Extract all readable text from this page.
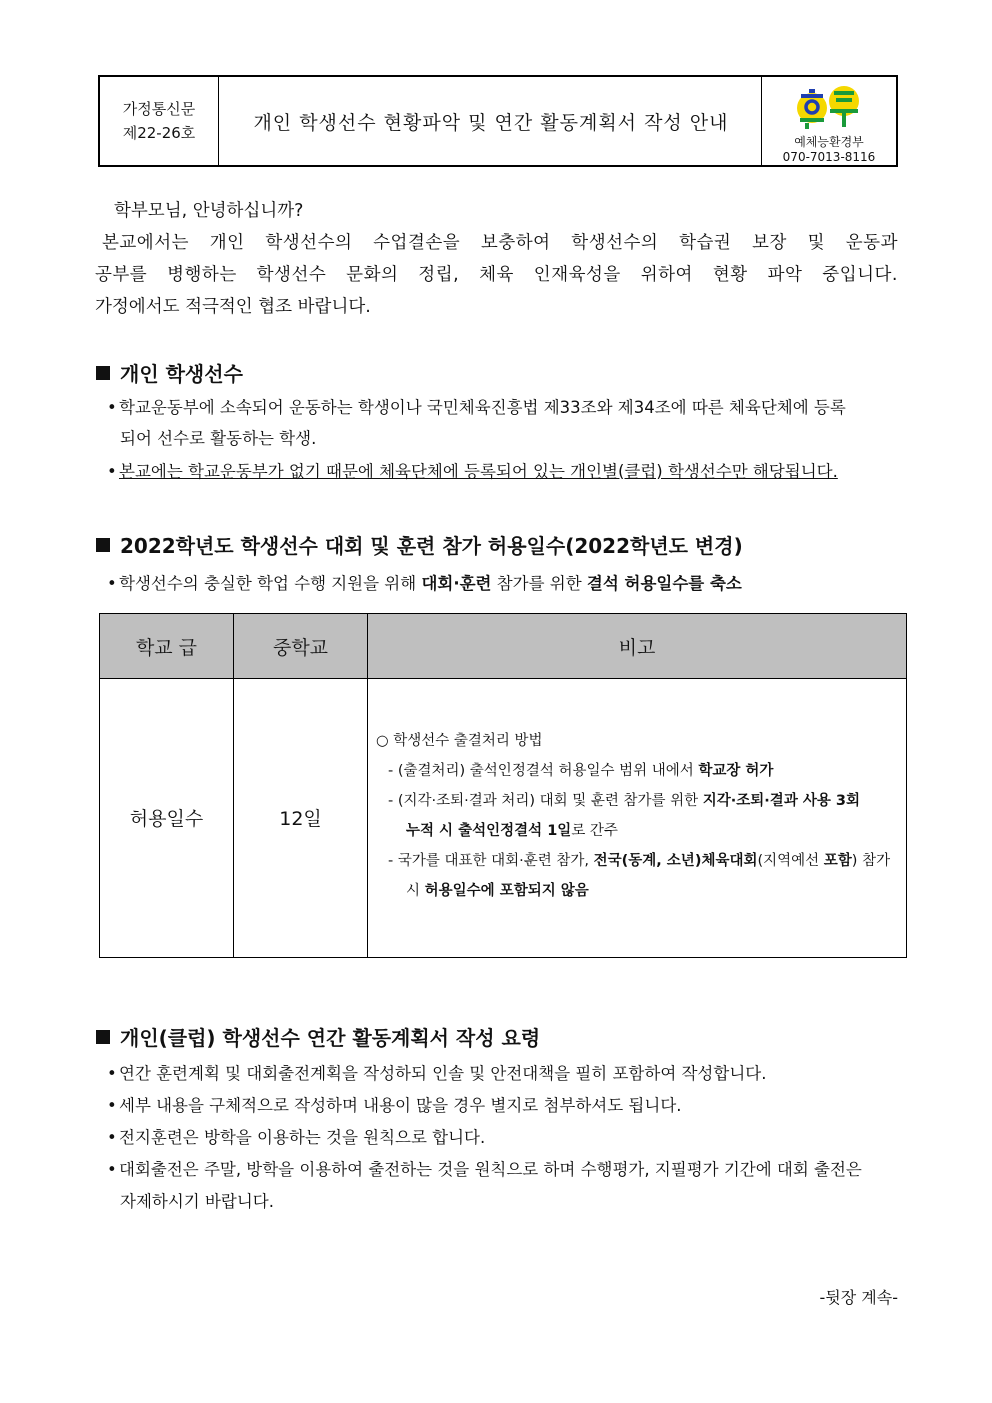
가정통신문
제22-26호	개인 학생선수 현황파악 및 연간 활동계획서 작성 안내
예체능환경부
070-7013-8116
학부모님, 안녕하십니까?
본교에서는 개인 학생선수의 수업결손을 보충하여 학생선수의 학습권 보장 및 운동과
공부를 병행하는 학생선수 문화의 정립, 체육 인재육성을 위하여 현황 파악 중입니다.
가정에서도 적극적인 협조 바랍니다.
개인 학생선수
• 학교운동부에 소속되어 운동하는 학생이나 국민체육진흥법 제33조와 제34조에 따른 체육단체에 등록
되어 선수로 활동하는 학생.
• 본교에는 학교운동부가 없기 때문에 체육단체에 등록되어 있는 개인별(클럽) 학생선수만 해당됩니다.
2022학년도 학생선수 대회 및 훈련 참가 허용일수(2022학년도 변경)
• 학생선수의 충실한 학업 수행 지원을 위해 대회·훈련 참가를 위한 결석 허용일수를 축소
학교 급	중학교	비고
허용일수	12일
○ 학생선수 출결처리 방법
- (출결처리) 출석인정결석 허용일수 범위 내에서 학교장 허가
- (지각·조퇴·결과 처리) 대회 및 훈련 참가를 위한 지각·조퇴·결과 사용 3회
누적 시 출석인정결석 1일로 간주
- 국가를 대표한 대회·훈련 참가, 전국(동계, 소년)체육대회(지역예선 포함) 참가
시 허용일수에 포함되지 않음
개인(클럽) 학생선수 연간 활동계획서 작성 요령
• 연간 훈련계획 및 대회출전계획을 작성하되 인솔 및 안전대책을 필히 포함하여 작성합니다.
• 세부 내용을 구체적으로 작성하며 내용이 많을 경우 별지로 첨부하셔도 됩니다.
• 전지훈련은 방학을 이용하는 것을 원칙으로 합니다.
• 대회출전은 주말, 방학을 이용하여 출전하는 것을 원칙으로 하며 수행평가, 지필평가 기간에 대회 출전은
자제하시기 바랍니다.
-뒷장 계속-
